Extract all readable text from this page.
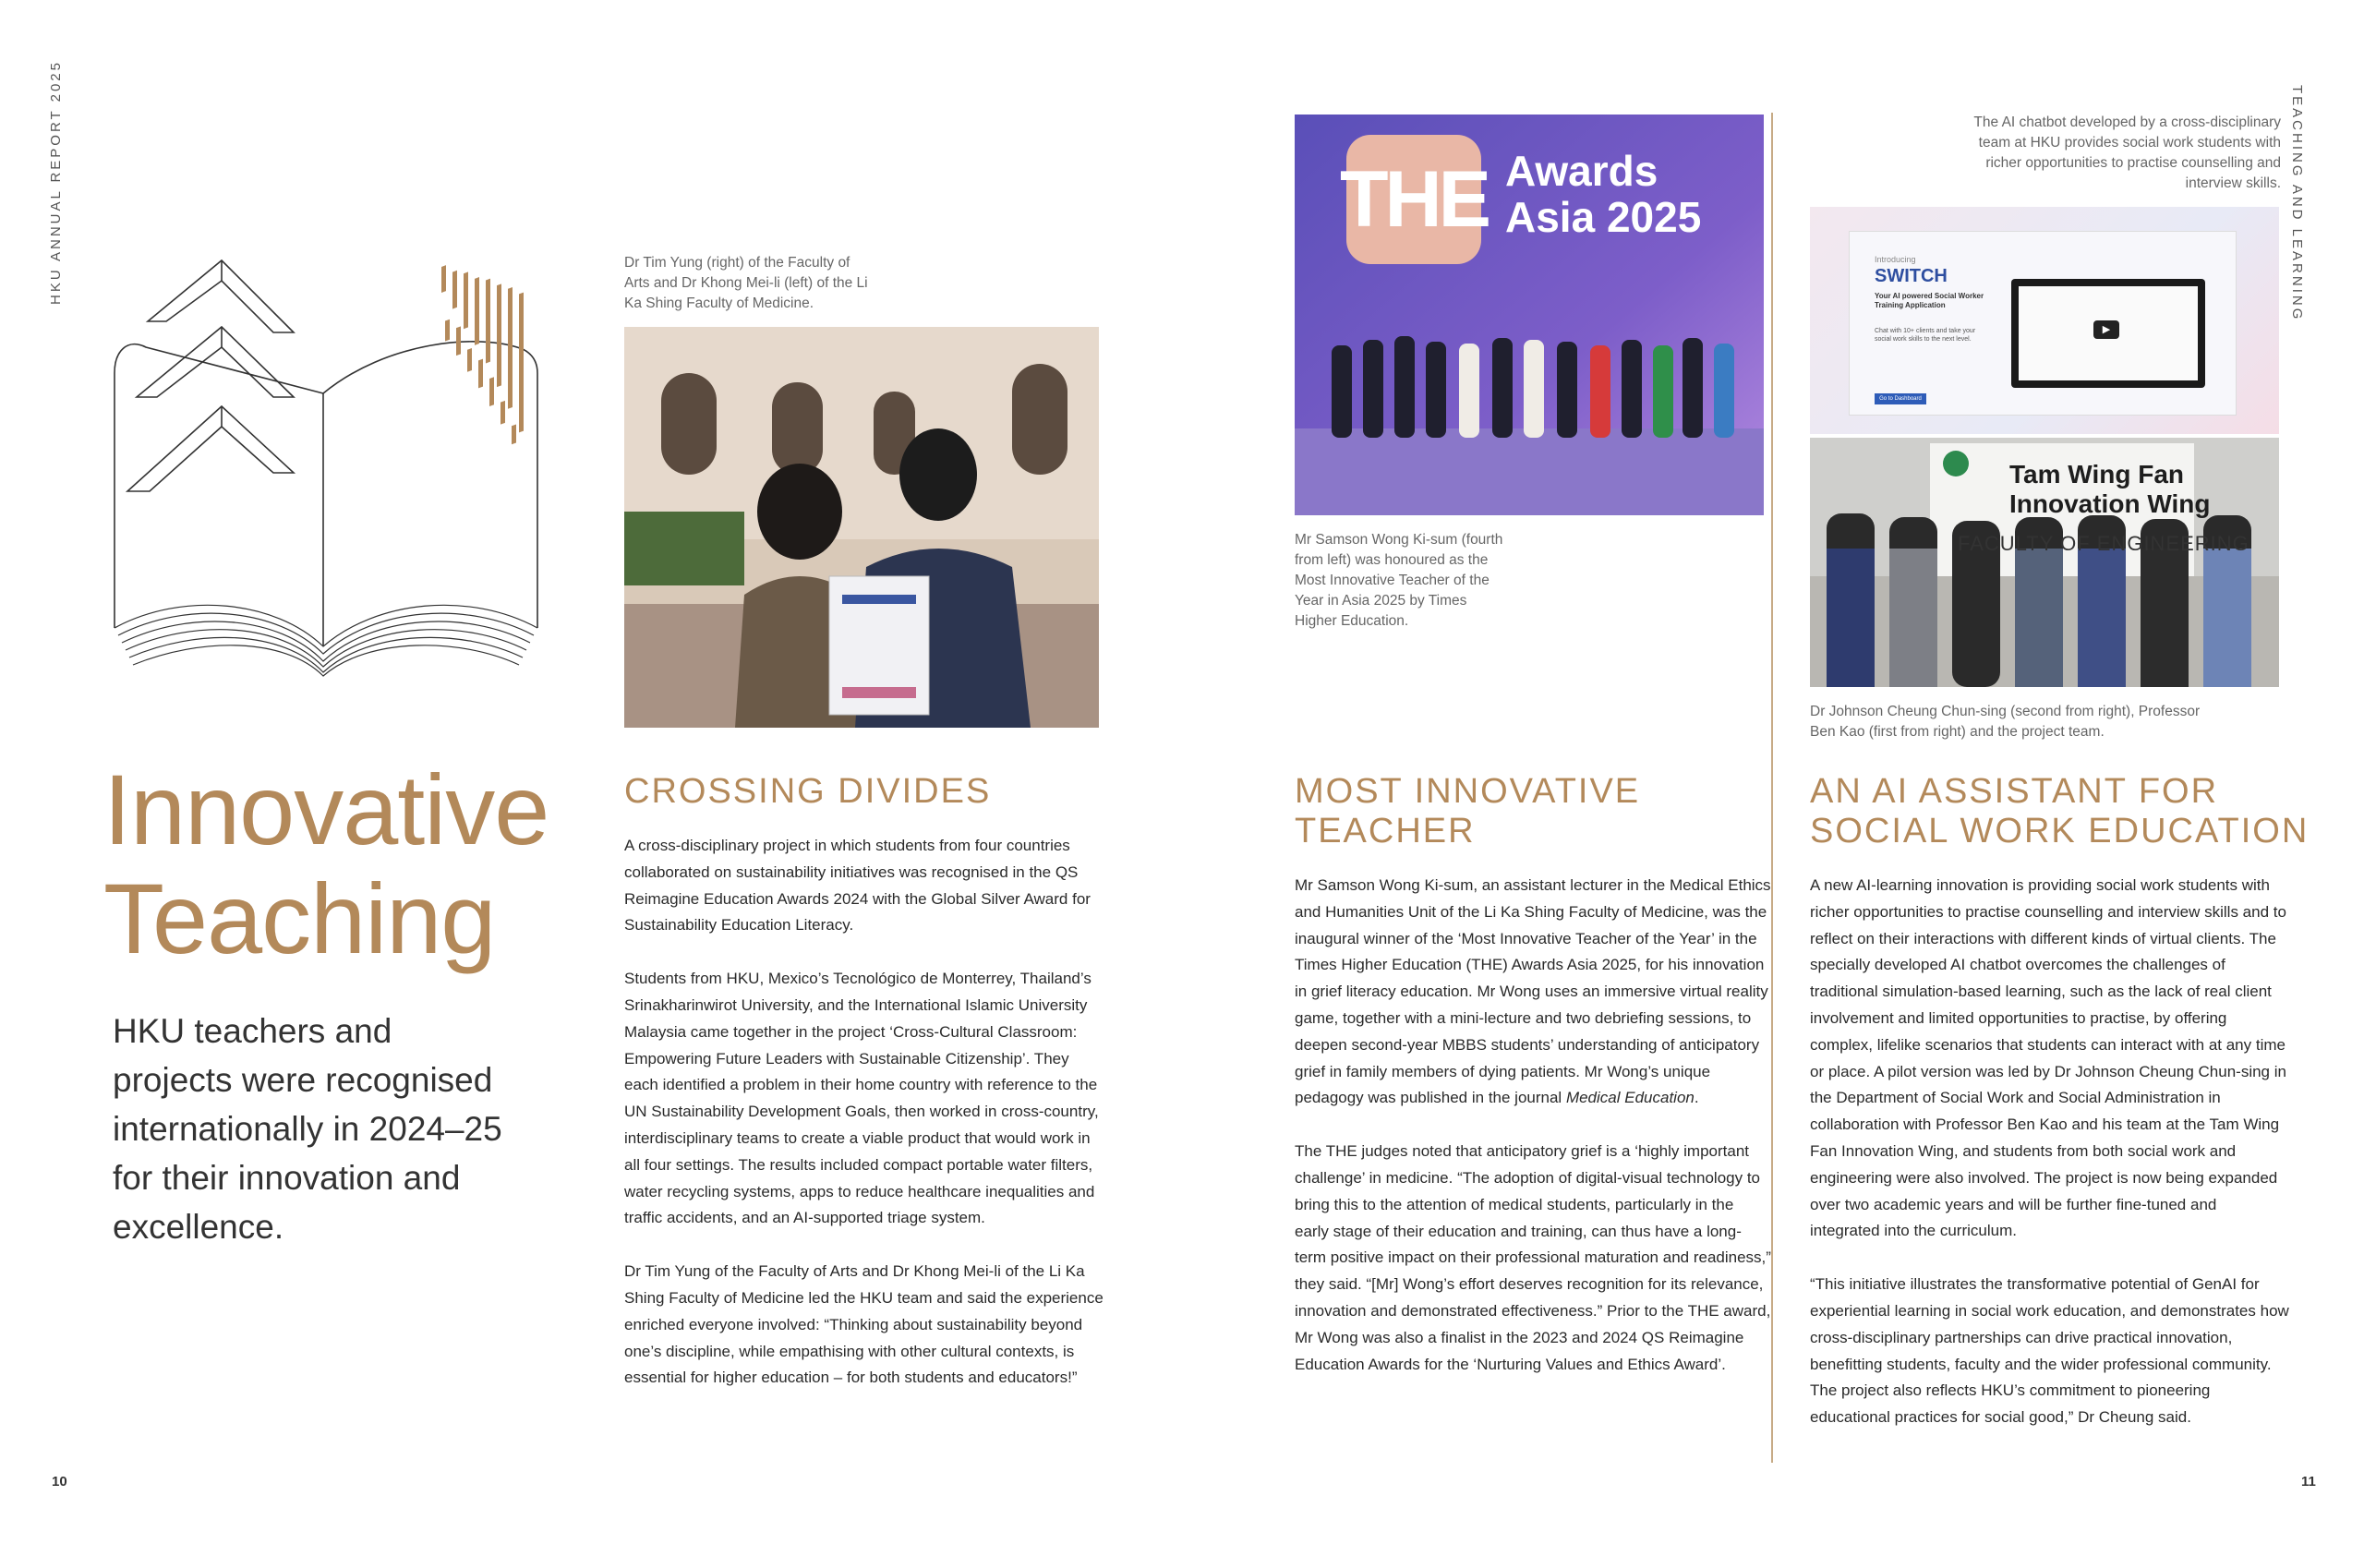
HKU ANNUAL REPORT 2025	TEACHING AND LEARNING
10	11
Innovative
Teaching
HKU teachers and projects were recognised internationally in 2024–25 for their innovation and excellence.
Dr Tim Yung (right) of the Faculty of Arts and Dr Khong Mei-li (left) of the Li Ka Shing Faculty of Medicine.
CROSSING DIVIDES

A cross-disciplinary project in which students from four countries collaborated on sustainability initiatives was recognised in the QS Reimagine Education Awards 2024 with the Global Silver Award for Sustainability Education Literacy.

Students from HKU, Mexico’s Tecnológico de Monterrey, Thailand’s Srinakharinwirot University, and the International Islamic University Malaysia came together in the project ‘Cross-Cultural Classroom: Empowering Future Leaders with Sustainable Citizenship’. They each identified a problem in their home country with reference to the UN Sustainability Development Goals, then worked in cross-country, interdisciplinary teams to create a viable product that would work in all four settings. The results included compact portable water filters, water recycling systems, apps to reduce healthcare inequalities and traffic accidents, and an AI-supported triage system.

Dr Tim Yung of the Faculty of Arts and Dr Khong Mei-li of the Li Ka Shing Faculty of Medicine led the HKU team and said the experience enriched everyone involved: “Thinking about sustainability beyond one’s discipline, while empathising with other cultural contexts, is essential for higher education – for both students and educators!”

THE Awards
Asia 2025
Mr Samson Wong Ki-sum (fourth from left) was honoured as the Most Innovative Teacher of the Year in Asia 2025 by Times Higher Education.
MOST INNOVATIVE
TEACHER

Mr Samson Wong Ki-sum, an assistant lecturer in the Medical Ethics and Humanities Unit of the Li Ka Shing Faculty of Medicine, was the inaugural winner of the ‘Most Innovative Teacher of the Year’ in the Times Higher Education (THE) Awards Asia 2025, for his innovation in grief literacy education. Mr Wong uses an immersive virtual reality game, together with a mini-lecture and two debriefing sessions, to deepen second-year MBBS students’ understanding of anticipatory grief in family members of dying patients. Mr Wong’s unique pedagogy was published in the journal Medical Education.

The THE judges noted that anticipatory grief is a ‘highly important challenge’ in medicine. “The adoption of digital-visual technology to bring this to the attention of medical students, particularly in the early stage of their education and training, can thus have a long-term positive impact on their professional maturation and readiness,” they said. “[Mr] Wong’s effort deserves recognition for its relevance, innovation and demonstrated effectiveness.” Prior to the THE award, Mr Wong was also a finalist in the 2023 and 2024 QS Reimagine Education Awards for the ‘Nurturing Values and Ethics Award’.

The AI chatbot developed by a cross-disciplinary team at HKU provides social work students with richer opportunities to practise counselling and interview skills.
Introducing
SWITCH
Your AI powered Social Worker Training Application
Chat with 10+ clients and take your social work skills to the next level.
Go to Dashboard
▶
Tam Wing Fan
Innovation Wing
FACULTY OF ENGINEERING
Dr Johnson Cheung Chun-sing (second from right), Professor Ben Kao (first from right) and the project team.
AN AI ASSISTANT FOR
SOCIAL WORK EDUCATION

A new AI-learning innovation is providing social work students with richer opportunities to practise counselling and interview skills and to reflect on their interactions with different kinds of virtual clients. The specially developed AI chatbot overcomes the challenges of traditional simulation-based learning, such as the lack of real client involvement and limited opportunities to practise, by offering complex, lifelike scenarios that students can interact with at any time or place. A pilot version was led by Dr Johnson Cheung Chun-sing in the Department of Social Work and Social Administration in collaboration with Professor Ben Kao and his team at the Tam Wing Fan Innovation Wing, and students from both social work and engineering were also involved. The project is now being expanded over two academic years and will be further fine-tuned and integrated into the curriculum.

“This initiative illustrates the transformative potential of GenAI for experiential learning in social work education, and demonstrates how cross-disciplinary partnerships can drive practical innovation, benefitting students, faculty and the wider professional community. The project also reflects HKU’s commitment to pioneering educational practices for social good,” Dr Cheung said.
